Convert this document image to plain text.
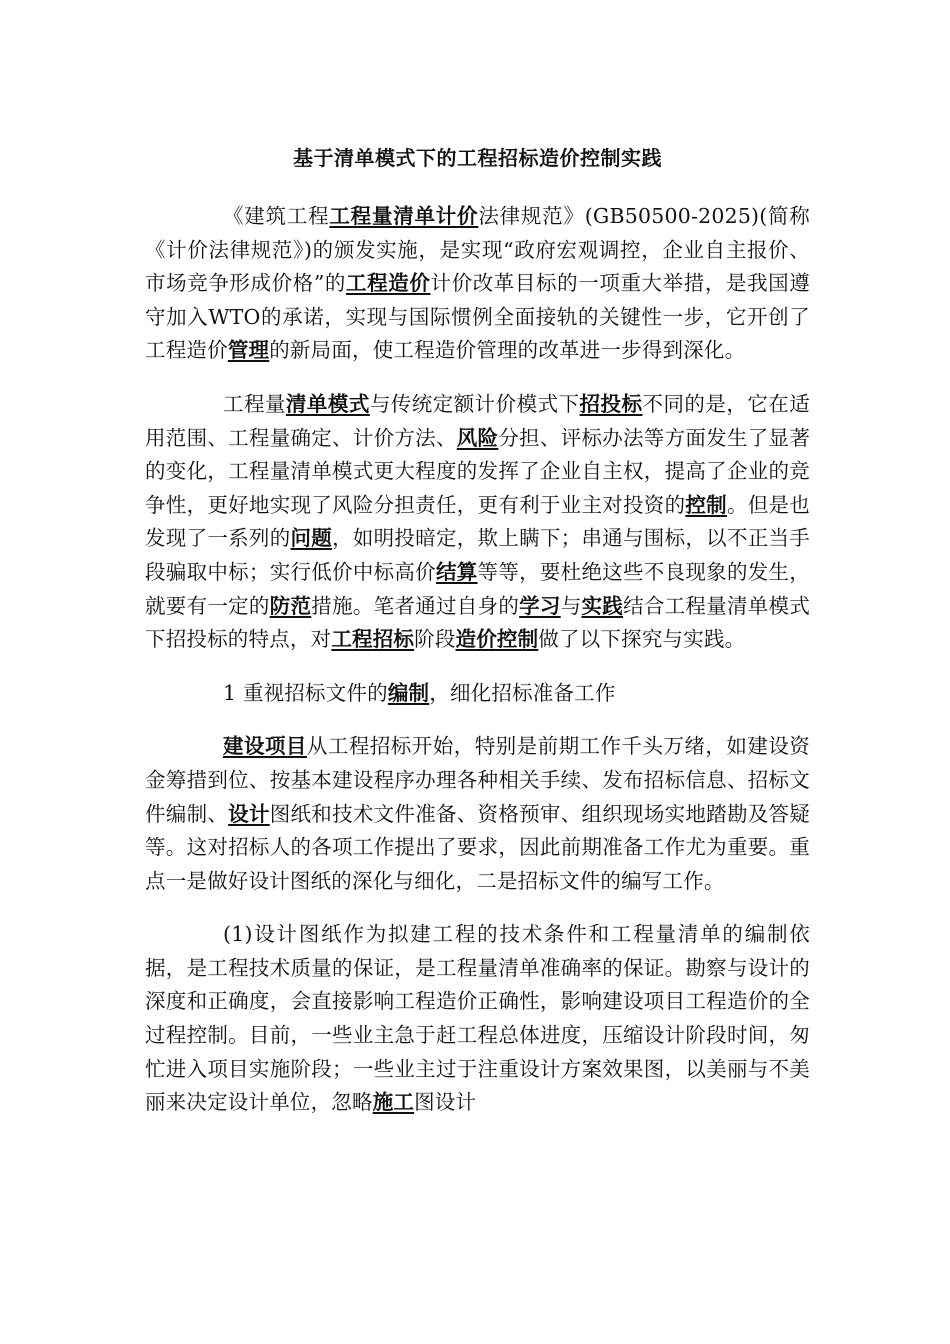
基于清单模式下的工程招标造价控制实践

《建筑工程工程量清单计价法律规范》(GB50500-2025)(简称《计价法律规范》)的颁发实施，是实现“政府宏观调控，企业自主报价、市场竞争形成价格”的工程造价计价改革目标的一项重大举措，是我国遵守加入WTO的承诺，实现与国际惯例全面接轨的关键性一步，它开创了工程造价管理的新局面，使工程造价管理的改革进一步得到深化。

工程量清单模式与传统定额计价模式下招投标不同的是，它在适用范围、工程量确定、计价方法、风险分担、评标办法等方面发生了显著的变化，工程量清单模式更大程度的发挥了企业自主权，提高了企业的竞争性，更好地实现了风险分担责任，更有利于业主对投资的控制。但是也发现了一系列的问题，如明投暗定，欺上瞒下；串通与围标，以不正当手段骗取中标；实行低价中标高价结算等等，要杜绝这些不良现象的发生，就要有一定的防范措施。笔者通过自身的学习与实践结合工程量清单模式下招投标的特点，对工程招标阶段造价控制做了以下探究与实践。

1 重视招标文件的编制，细化招标准备工作

建设项目从工程招标开始，特别是前期工作千头万绪，如建设资金筹措到位、按基本建设程序办理各种相关手续、发布招标信息、招标文件编制、设计图纸和技术文件准备、资格预审、组织现场实地踏勘及答疑等。这对招标人的各项工作提出了要求，因此前期准备工作尤为重要。重点一是做好设计图纸的深化与细化，二是招标文件的编写工作。

(1)设计图纸作为拟建工程的技术条件和工程量清单的编制依据，是工程技术质量的保证，是工程量清单准确率的保证。勘察与设计的深度和正确度，会直接影响工程造价正确性，影响建设项目工程造价的全过程控制。目前，一些业主急于赶工程总体进度，压缩设计阶段时间，匆忙进入项目实施阶段；一些业主过于注重设计方案效果图，以美丽与不美丽来决定设计单位，忽略施工图设计
